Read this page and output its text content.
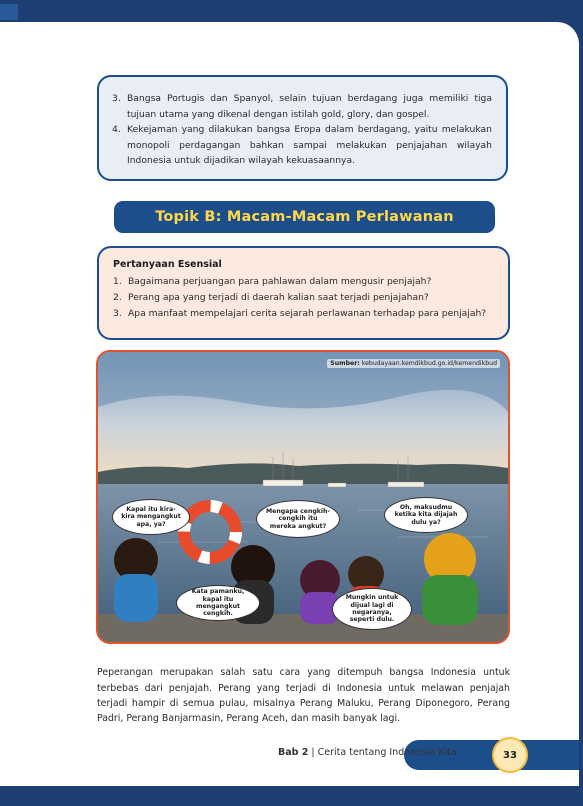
3. Bangsa Portugis dan Spanyol, selain tujuan berdagang juga memiliki tiga tujuan utama yang dikenal dengan istilah gold, glory, dan gospel.
4. Kekejaman yang dilakukan bangsa Eropa dalam berdagang, yaitu melakukan monopoli perdagangan bahkan sampai melakukan penjajahan wilayah Indonesia untuk dijadikan wilayah kekuasaannya.
Topik B: Macam-Macam Perlawanan
Pertanyaan Esensial
1. Bagaimana perjuangan para pahlawan dalam mengusir penjajah?
2. Perang apa yang terjadi di daerah kalian saat terjadi penjajahan?
3. Apa manfaat mempelajari cerita sejarah perlawanan terhadap para penjajah?
Sumber: kebudayaan.kemdikbud.go.id/kemendikbud
Kapal itu kira-kira mengangkut apa, ya?
Mengapa cengkih-cengkih itu mereka angkut?
Oh, maksudmu ketika kita dijajah dulu ya?
Kata pamanku, kapal itu mengangkut cengkih.
Mungkin untuk dijual lagi di negaranya, seperti dulu.

Peperangan merupakan salah satu cara yang ditempuh bangsa Indonesia untuk terbebas dari penjajah. Perang yang terjadi di Indonesia untuk melawan penjajah terjadi hampir di semua pulau, misalnya Perang Maluku, Perang Diponegoro, Perang Padri, Perang Banjarmasin, Perang Aceh, dan masih banyak lagi.

Bab 2 | Cerita tentang Indonesia Kita	33
